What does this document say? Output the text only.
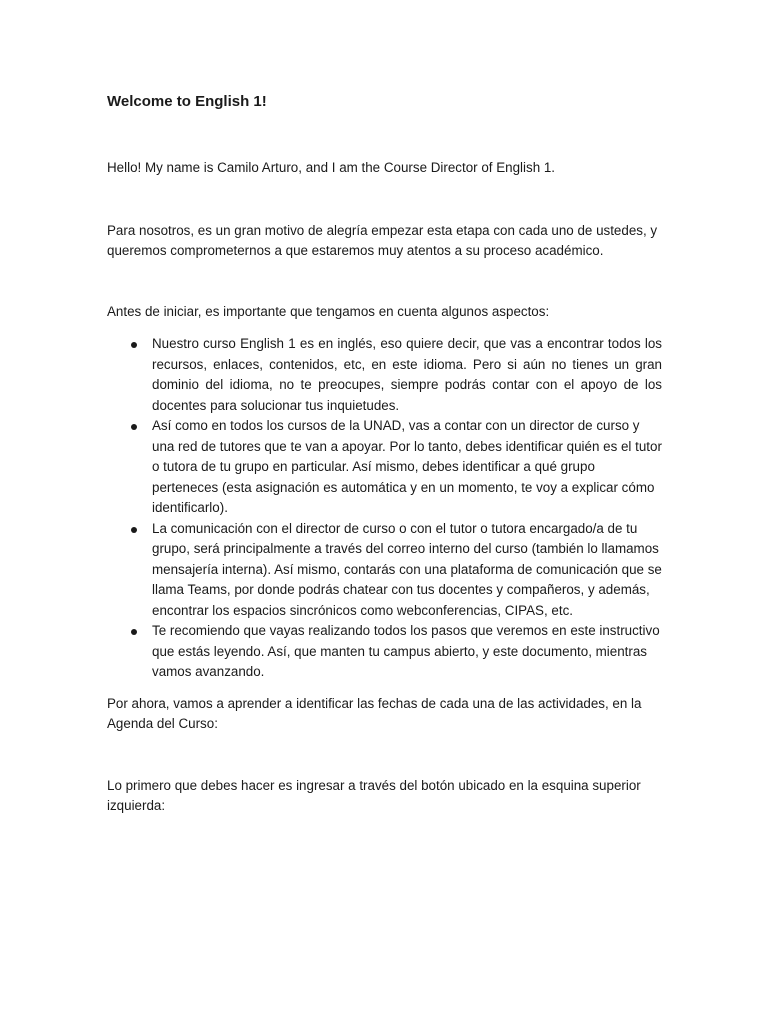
Welcome to English 1!

Hello! My name is Camilo Arturo, and I am the Course Director of English 1.

Para nosotros, es un gran motivo de alegría empezar esta etapa con cada uno de ustedes, y queremos comprometernos a que estaremos muy atentos a su proceso académico.

Antes de iniciar, es importante que tengamos en cuenta algunos aspectos:

Nuestro curso English 1 es en inglés, eso quiere decir, que vas a encontrar todos los recursos, enlaces, contenidos, etc, en este idioma. Pero si aún no tienes un gran dominio del idioma, no te preocupes, siempre podrás contar con el apoyo de los docentes para solucionar tus inquietudes.
Así como en todos los cursos de la UNAD, vas a contar con un director de curso y una red de tutores que te van a apoyar. Por lo tanto, debes identificar quién es el tutor o tutora de tu grupo en particular. Así mismo, debes identificar a qué grupo perteneces (esta asignación es automática y en un momento, te voy a explicar cómo identificarlo).
La comunicación con el director de curso o con el tutor o tutora encargado/a de tu grupo, será principalmente a través del correo interno del curso (también lo llamamos mensajería interna). Así mismo, contarás con una plataforma de comunicación que se llama Teams, por donde podrás chatear con tus docentes y compañeros, y además, encontrar los espacios sincrónicos como webconferencias, CIPAS, etc.
Te recomiendo que vayas realizando todos los pasos que veremos en este instructivo que estás leyendo. Así, que manten tu campus abierto, y este documento, mientras vamos avanzando.

Por ahora, vamos a aprender a identificar las fechas de cada una de las actividades, en la Agenda del Curso:

Lo primero que debes hacer es ingresar a través del botón ubicado en la esquina superior izquierda:
